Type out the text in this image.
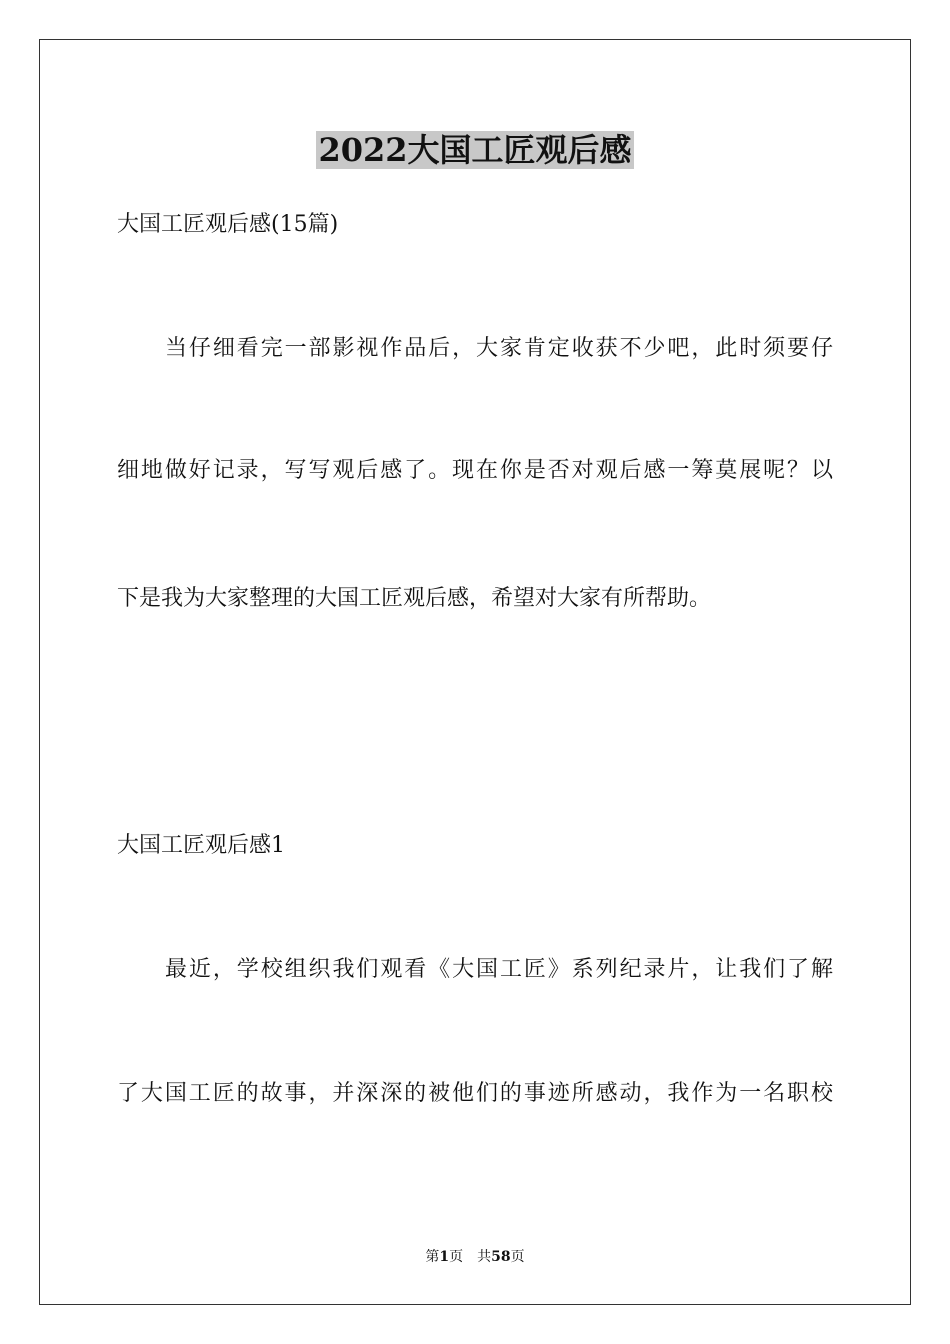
2022大国工匠观后感
大国工匠观后感(15篇)
当仔细看完一部影视作品后，大家肯定收获不少吧，此时须要仔
细地做好记录，写写观后感了。现在你是否对观后感一筹莫展呢？以
下是我为大家整理的大国工匠观后感，希望对大家有所帮助。
大国工匠观后感1
最近，学校组织我们观看《大国工匠》系列纪录片，让我们了解
了大国工匠的故事，并深深的被他们的事迹所感动，我作为一名职校
第1页 共58页
